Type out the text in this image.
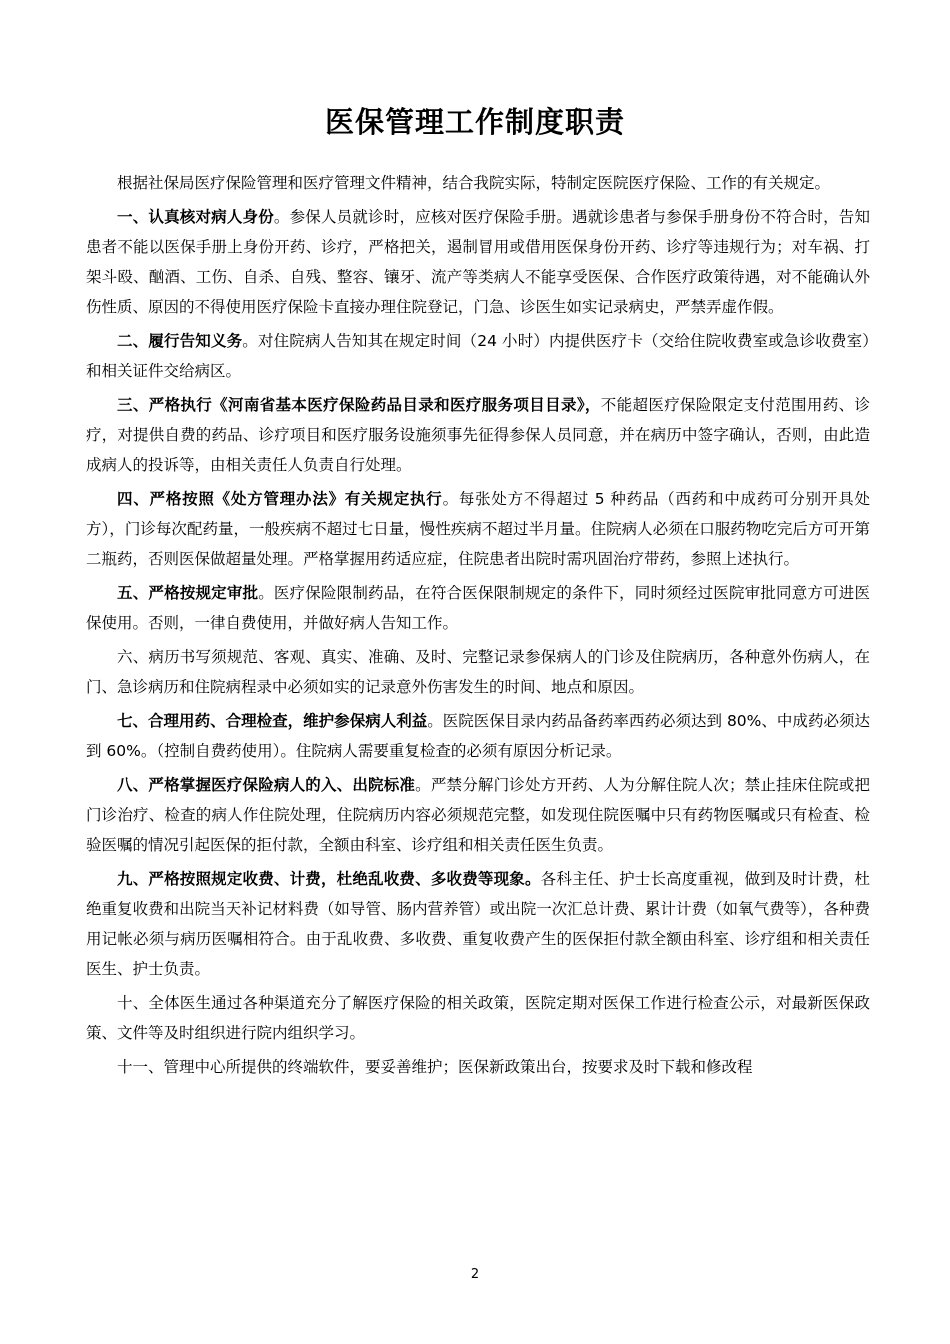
医保管理工作制度职责

根据社保局医疗保险管理和医疗管理文件精神，结合我院实际，特制定医院医疗保险、工作的有关规定。

一、认真核对病人身份。参保人员就诊时，应核对医疗保险手册。遇就诊患者与参保手册身份不符合时，告知患者不能以医保手册上身份开药、诊疗，严格把关，遏制冒用或借用医保身份开药、诊疗等违规行为；对车祸、打架斗殴、酗酒、工伤、自杀、自残、整容、镶牙、流产等类病人不能享受医保、合作医疗政策待遇，对不能确认外伤性质、原因的不得使用医疗保险卡直接办理住院登记，门急、诊医生如实记录病史，严禁弄虚作假。

二、履行告知义务。对住院病人告知其在规定时间（24 小时）内提供医疗卡（交给住院收费室或急诊收费室）和相关证件交给病区。

三、严格执行《河南省基本医疗保险药品目录和医疗服务项目目录》，不能超医疗保险限定支付范围用药、诊疗，对提供自费的药品、诊疗项目和医疗服务设施须事先征得参保人员同意，并在病历中签字确认，否则，由此造成病人的投诉等，由相关责任人负责自行处理。

四、严格按照《处方管理办法》有关规定执行。每张处方不得超过 5 种药品（西药和中成药可分别开具处方），门诊每次配药量，一般疾病不超过七日量，慢性疾病不超过半月量。住院病人必须在口服药物吃完后方可开第二瓶药，否则医保做超量处理。严格掌握用药适应症，住院患者出院时需巩固治疗带药，参照上述执行。

五、严格按规定审批。医疗保险限制药品，在符合医保限制规定的条件下，同时须经过医院审批同意方可进医保使用。否则，一律自费使用，并做好病人告知工作。

六、病历书写须规范、客观、真实、准确、及时、完整记录参保病人的门诊及住院病历，各种意外伤病人，在门、急诊病历和住院病程录中必须如实的记录意外伤害发生的时间、地点和原因。

七、合理用药、合理检查，维护参保病人利益。医院医保目录内药品备药率西药必须达到 80%、中成药必须达到 60%。（控制自费药使用）。住院病人需要重复检查的必须有原因分析记录。

八、严格掌握医疗保险病人的入、出院标准。严禁分解门诊处方开药、人为分解住院人次；禁止挂床住院或把门诊治疗、检查的病人作住院处理，住院病历内容必须规范完整，如发现住院医嘱中只有药物医嘱或只有检查、检验医嘱的情况引起医保的拒付款，全额由科室、诊疗组和相关责任医生负责。

九、严格按照规定收费、计费，杜绝乱收费、多收费等现象。各科主任、护士长高度重视，做到及时计费，杜绝重复收费和出院当天补记材料费（如导管、肠内营养管）或出院一次汇总计费、累计计费（如氧气费等），各种费用记帐必须与病历医嘱相符合。由于乱收费、多收费、重复收费产生的医保拒付款全额由科室、诊疗组和相关责任医生、护士负责。

十、全体医生通过各种渠道充分了解医疗保险的相关政策，医院定期对医保工作进行检查公示，对最新医保政策、文件等及时组织进行院内组织学习。

十一、管理中心所提供的终端软件，要妥善维护；医保新政策出台，按要求及时下载和修改程

2
